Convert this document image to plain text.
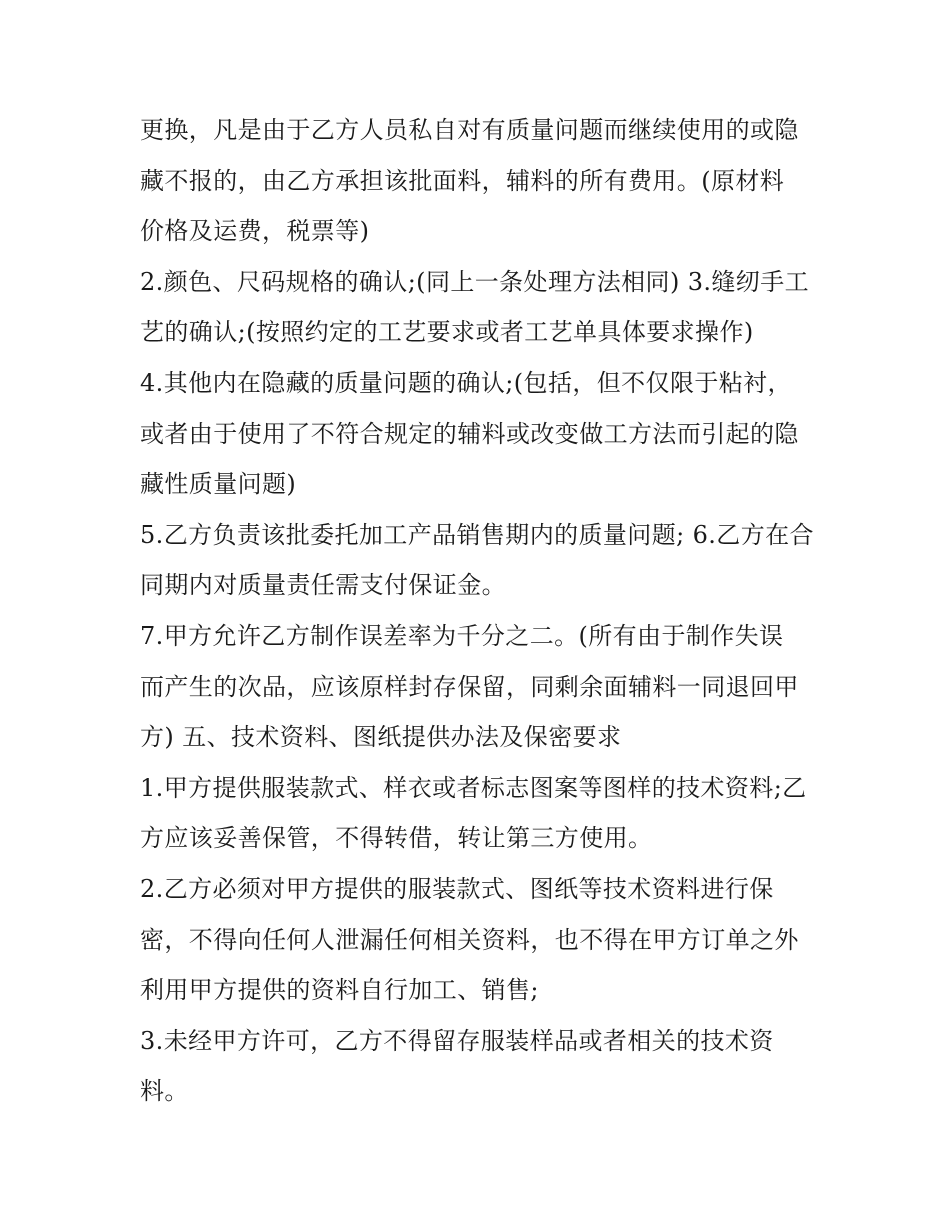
更换，凡是由于乙方人员私自对有质量问题而继续使用的或隐
藏不报的，由乙方承担该批面料，辅料的所有费用。(原材料
价格及运费，税票等)
2.颜色、尺码规格的确认;(同上一条处理方法相同) 3.缝纫手工
艺的确认;(按照约定的工艺要求或者工艺单具体要求操作)
4.其他内在隐藏的质量问题的确认;(包括，但不仅限于粘衬，
或者由于使用了不符合规定的辅料或改变做工方法而引起的隐
藏性质量问题)
5.乙方负责该批委托加工产品销售期内的质量问题; 6.乙方在合
同期内对质量责任需支付保证金。
7.甲方允许乙方制作误差率为千分之二。(所有由于制作失误
而产生的次品，应该原样封存保留，同剩余面辅料一同退回甲
方) 五、技术资料、图纸提供办法及保密要求
1.甲方提供服装款式、样衣或者标志图案等图样的技术资料;乙
方应该妥善保管，不得转借，转让第三方使用。
2.乙方必须对甲方提供的服装款式、图纸等技术资料进行保
密，不得向任何人泄漏任何相关资料，也不得在甲方订单之外
利用甲方提供的资料自行加工、销售;
3.未经甲方许可，乙方不得留存服装样品或者相关的技术资
料。
